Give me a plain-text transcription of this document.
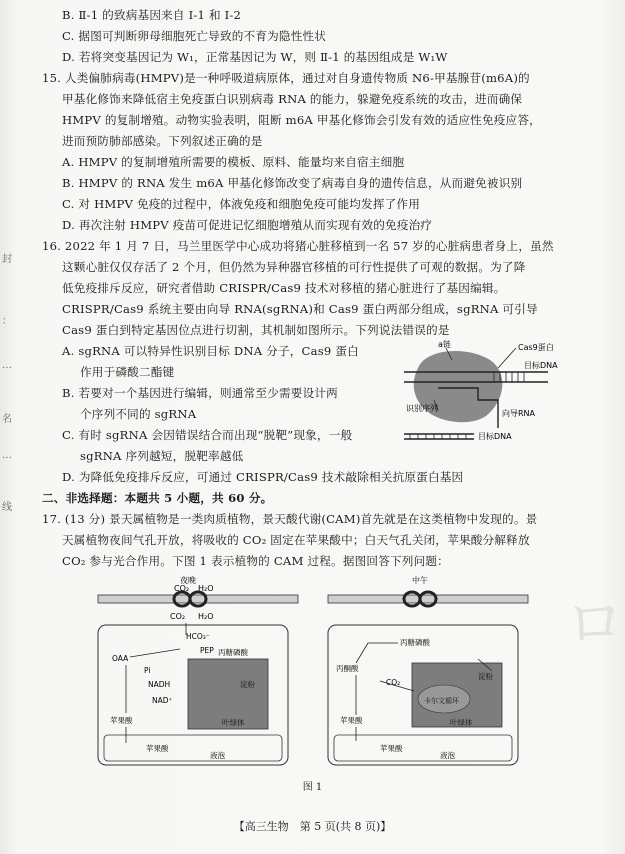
B. Ⅱ-1 的致病基因来自 Ⅰ-1 和 Ⅰ-2
C. 据图可判断卵母细胞死亡导致的不育为隐性性状
D. 若将突变基因记为 W₁，正常基因记为 W，则 Ⅱ-1 的基因组成是 W₁W
15. 人类偏肺病毒(HMPV)是一种呼吸道病原体，通过对自身遗传物质 N6-甲基腺苷(m6A)的
甲基化修饰来降低宿主免疫蛋白识别病毒 RNA 的能力，躲避免疫系统的攻击，进而确保
HMPV 的复制增殖。动物实验表明，阻断 m6A 甲基化修饰会引发有效的适应性免疫应答，
进而预防肺部感染。下列叙述正确的是
A. HMPV 的复制增殖所需要的模板、原料、能量均来自宿主细胞
B. HMPV 的 RNA 发生 m6A 甲基化修饰改变了病毒自身的遗传信息，从而避免被识别
C. 对 HMPV 免疫的过程中，体液免疫和细胞免疫可能均发挥了作用
D. 再次注射 HMPV 疫苗可促进记忆细胞增殖从而实现有效的免疫治疗
16. 2022 年 1 月 7 日，马兰里医学中心成功将猪心脏移植到一名 57 岁的心脏病患者身上，虽然
这颗心脏仅仅存活了 2 个月，但仍然为异种器官移植的可行性提供了可观的数据。为了降
低免疫排斥反应，研究者借助 CRISPR/Cas9 技术对移植的猪心脏进行了基因编辑。
CRISPR/Cas9 系统主要由向导 RNA(sgRNA)和 Cas9 蛋白两部分组成，sgRNA 可引导
Cas9 蛋白到特定基因位点进行切割，其机制如图所示。下列说法错误的是
A. sgRNA 可以特异性识别目标 DNA 分子，Cas9 蛋白
作用于磷酸二酯键
B. 若要对一个基因进行编辑，则通常至少需要设计两
个序列不同的 sgRNA
C. 有时 sgRNA 会因错误结合而出现“脱靶”现象，一般
sgRNA 序列越短，脱靶率越低
D. 为降低免疫排斥反应，可通过 CRISPR/Cas9 技术敲除相关抗原蛋白基因
a链	Cas9蛋白
目标DNA
识别序列
向导RNA
目标DNA
二、非选择题：本题共 5 小题，共 60 分。
17. (13 分) 景天属植物是一类肉质植物，景天酸代谢(CAM)首先就是在这类植物中发现的。景
天属植物夜间气孔开放，将吸收的 CO₂ 固定在苹果酸中；白天气孔关闭，苹果酸分解释放
CO₂ 参与光合作用。下图 1 表示植物的 CAM 过程。据图回答下列问题：
夜晚
CO₂ H₂O
CO₂ H₂O
HCO₃⁻
PEP 丙糖磷酸
OAA
Pi
NADH
NAD⁺
淀粉
叶绿体
苹果酸
苹果酸
液泡
中午
丙糖磷酸
丙酮酸
CO₂
淀粉
卡尔文循环
叶绿体
苹果酸
苹果酸
液泡
图 1
ロ
【高三生物　第 5 页(共 8 页)】
封
：
…
名
…
线
